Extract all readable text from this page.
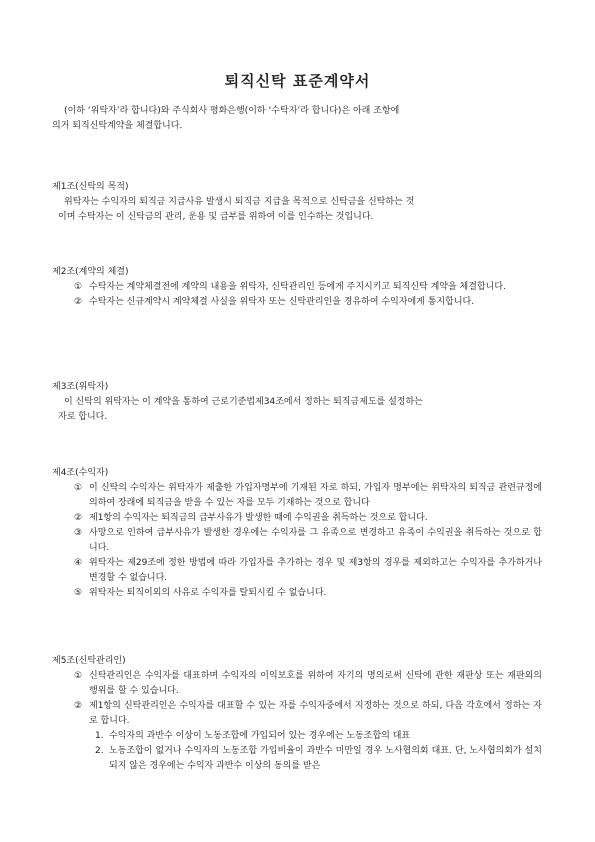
퇴직신탁 표준계약서
(이하 ‘위탁자’라 합니다)와 주식회사 평화은행(이하 ‘수탁자’라 합니다)은 아래 조항에
의거 퇴직신탁계약을 체결합니다.
제1조(신탁의 목적)
위탁자는 수익자의 퇴직금 지급사유 발생시 퇴직금 지급을 목적으로 신탁금을 신탁하는 것
이며 수탁자는 이 신탁금의 관리, 운용 및 급부를 위하여 이를 인수하는 것입니다.
제2조(계약의 체결)
① 수탁자는 계약체결전에 계약의 내용을 위탁자, 신탁관리인 등에게 주지시키고 퇴직신탁 계약을 체결합니다.
② 수탁자는 신규계약시 계약체결 사실을 위탁자 또는 신탁관리인을 경유하여 수익자에게 통지합니다.
제3조(위탁자)
이 신탁의 위탁자는 이 계약을 통하여 근로기준법제34조에서 정하는 퇴직금제도를 설정하는
자로 합니다.
제4조(수익자)
① 이 신탁의 수익자는 위탁자가 제출한 가입자명부에 기재된 자로 하되, 가입자 명부에는 위탁자의 퇴직금 관련규정에 의하여 장래에 퇴직금을 받을 수 있는 자를 모두 기재하는 것으로 합니다
② 제1항의 수익자는 퇴직금의 급부사유가 발생한 때에 수익권을 취득하는 것으로 합니다.
③ 사망으로 인하여 급부사유가 발생한 경우에는 수익자를 그 유족으로 변경하고 유족이 수익권을 취득하는 것으로 합니다.
④ 위탁자는 제29조에 정한 방법에 따라 가입자를 추가하는 경우 및 제3항의 경우를 제외하고는 수익자를 추가하거나 변경할 수 없습니다.
⑤ 위탁자는 퇴직이외의 사유로 수익자를 탈퇴시킬 수 없습니다.
제5조(신탁관리인)
① 신탁관리인은 수익자를 대표하며 수익자의 이익보호를 위하여 자기의 명의로써 신탁에 관한 재판상 또는 재판외의 행위를 할 수 있습니다.
② 제1항의 신탁관리인은 수익자를 대표할 수 있는 자를 수익자중에서 지정하는 것으로 하되, 다음 각호에서 정하는 자로 합니다.
1. 수익자의 과반수 이상이 노동조합에 가입되어 있는 경우에는 노동조합의 대표
2. 노동조합이 없거나 수익자의 노동조합 가입비율이 과반수 미만일 경우 노사협의회 대표. 단, 노사협의회가 설치되지 않은 경우에는 수익자 과반수 이상의 동의를 받은
